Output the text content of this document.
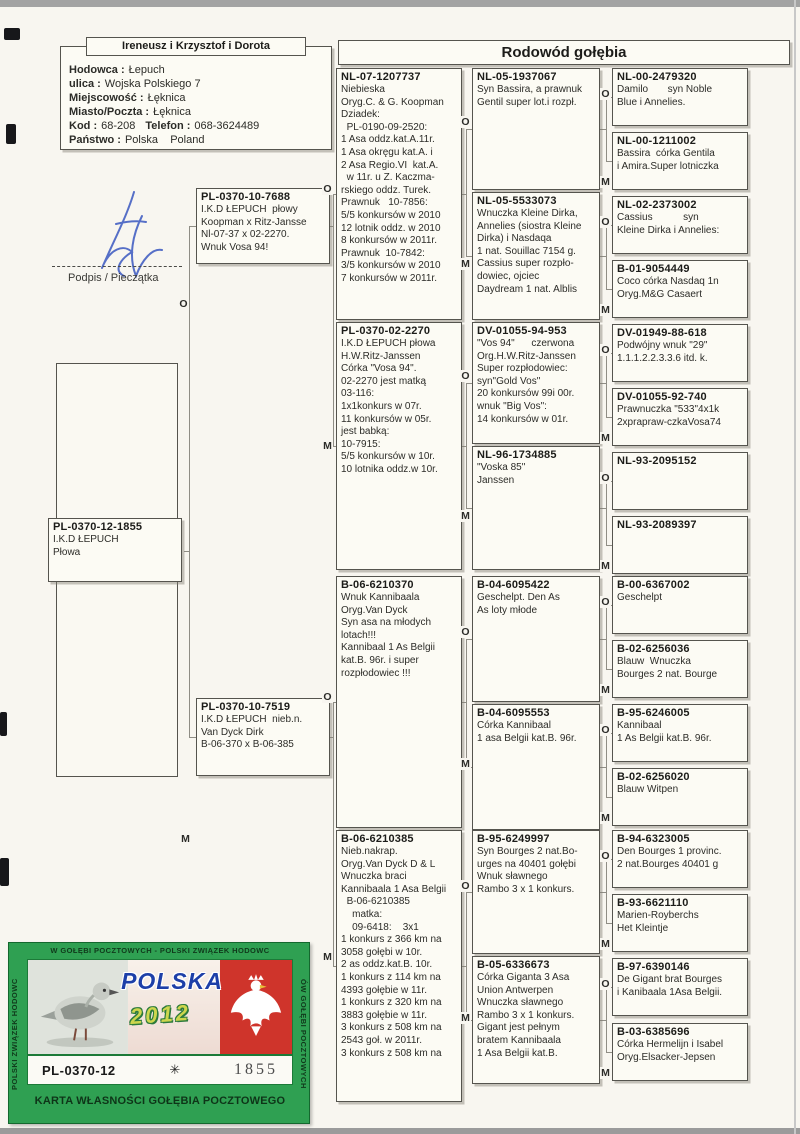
Ireneusz i Krzysztof i Dorota
Hodowca : Łepuch
ulica : Wojska Polskiego 7
Miejscowość : Łęknica
Miasto/Poczta : Łęknica
Kod : 68-208 Telefon : 068-3624489
Państwo : Polska    Poland
Rodowód gołębia
Podpis / Pieczątka
PL-0370-12-1855
I.K.D ŁEPUCH
Płowa
PL-0370-10-7688
I.K.D ŁEPUCH  płowy
Koopman x Ritz-Jansse
Nl-07-37 x 02-2270.
Wnuk Vosa 94!
PL-0370-10-7519
I.K.D ŁEPUCH  nieb.n.
Van Dyck Dirk
B-06-370 x B-06-385
NL-07-1207737
Niebieska
Oryg.C. & G. Koopman
Dziadek:
PL-0190-09-2520:
1 Asa oddz.kat.A.11r.
1 Asa okręgu kat.A. i
2 Asa Regio.VI  kat.A.
w 11r. u Z. Kaczma-
rskiego oddz. Turek.
Prawnuk   10-7856:
5/5 konkursów w 2010
12 lotnik oddz. w 2010
8 konkursów w 2011r.
Prawnuk  10-7842:
3/5 konkursów w 2010
7 konkursów w 2011r.
PL-0370-02-2270
I.K.D ŁEPUCH płowa
H.W.Ritz-Janssen
Córka "Vosa 94".
02-2270 jest matką
03-116:
1x1konkurs w 07r.
11 konkursów w 05r.
jest babką:
10-7915:
5/5 konkursów w 10r.
10 lotnika oddz.w 10r.
B-06-6210370
Wnuk Kannibaala
Oryg.Van Dyck
Syn asa na młodych
lotach!!!
Kannibaal 1 As Belgii
kat.B. 96r. i super
rozpłodowiec !!!
B-06-6210385
Nieb.nakrap.
Oryg.Van Dyck D & L
Wnuczka braci
Kannibaala 1 Asa Belgii
B-06-6210385
matka:
09-6418:    3x1
1 konkurs z 366 km na
3058 gołębi w 10r.
2 as oddz.kat.B. 10r.
1 konkurs z 114 km na
4393 gołębie w 11r.
1 konkurs z 320 km na
3883 gołębie w 11r.
3 konkurs z 508 km na
2543 goł. w 2011r.
3 konkurs z 508 km na
NL-05-1937067
Syn Bassira, a prawnuk
Gentil super lot.i rozpł.
NL-05-5533073
Wnuczka Kleine Dirka,
Annelies (siostra Kleine
Dirka) i Nasdaqa
1 nat. Souillac 7154 g.
Cassius super rozpło-
dowiec, ojciec
Daydream 1 nat. Alblis
DV-01055-94-953
"Vos 94"      czerwona
Org.H.W.Ritz-Janssen
Super rozpłodowiec:
syn"Gold Vos"
20 konkursów 99i 00r.
wnuk "Big Vos":
14 konkursów w 01r.
NL-96-1734885
"Voska 85"
Janssen
B-04-6095422
Geschelpt. Den As
As loty młode
B-04-6095553
Córka Kannibaal
1 asa Belgii kat.B. 96r.
B-95-6249997
Syn Bourges 2 nat.Bo-
urges na 40401 gołębi
Wnuk sławnego
Rambo 3 x 1 konkurs.
B-05-6336673
Córka Giganta 3 Asa
Union Antwerpen
Wnuczka sławnego
Rambo 3 x 1 konkurs.
Gigant jest pełnym
bratem Kannibaala
1 Asa Belgii kat.B.
NL-00-2479320
Damilo       syn Noble
Blue i Annelies.
NL-00-1211002
Bassira  córka Gentila
i Amira.Super lotniczka
NL-02-2373002
Cassius           syn
Kleine Dirka i Annelies:
B-01-9054449
Coco córka Nasdaq 1n
Oryg.M&G Casaert
DV-01949-88-618
Podwójny wnuk "29"
1.1.1.2.2.3.3.6 itd. k.
DV-01055-92-740
Prawnuczka "533"4x1k
2xprapraw-czkaVosa74
NL-93-2095152
NL-93-2089397
B-00-6367002
Geschelpt
B-02-6256036
Blauw  Wnuczka
Bourges 2 nat. Bourge
B-95-6246005
Kannibaal
1 As Belgii kat.B. 96r.
B-02-6256020
Blauw Witpen
B-94-6323005
Den Bourges 1 provinc.
2 nat.Bourges 40401 g
B-93-6621110
Marien-Royberchs
Het Kleintje
B-97-6390146
De Gigant brat Bourges
i Kanibaala 1Asa Belgii.
B-03-6385696
Córka Hermelijn i Isabel
Oryg.Elsacker-Jepsen
W GOŁĘBI POCZTOWYCH - POLSKI ZWIĄZEK HODOWC
POLSKI ZWIĄZEK HODOWC	ÓW GOŁĘBI POCZTOWYCH
POLSKA
2012
PL-0370-12	✳	1855
KARTA WŁASNOŚCI GOŁĘBIA POCZTOWEGO
O
M
O
M
O
M
O
M
O
M
O
M
O
M
O
M
O
M
O
M
O
M
O
M
O
M
O
M
O
M
